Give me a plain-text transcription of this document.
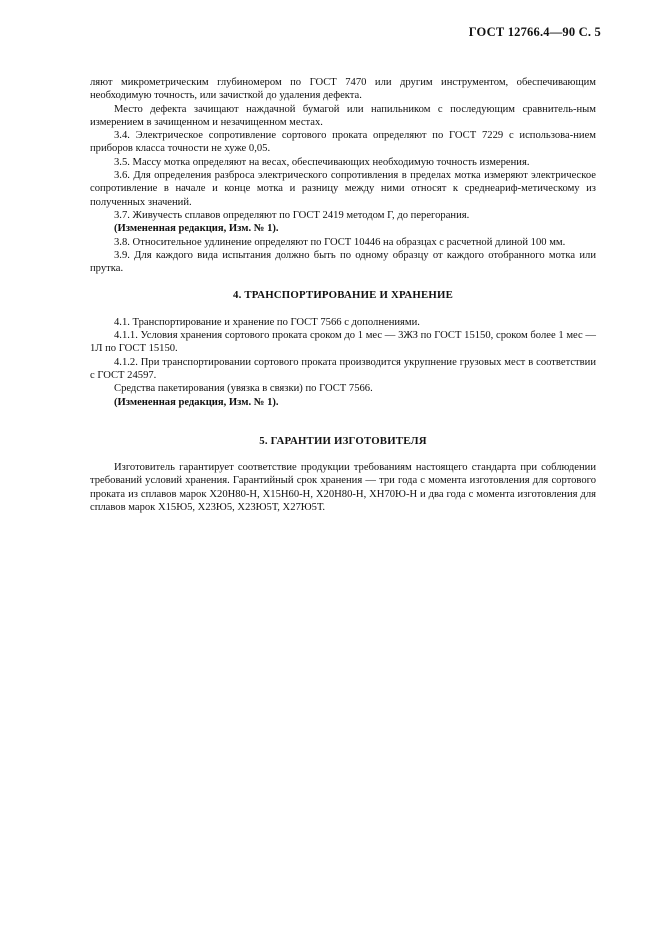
ГОСТ 12766.4—90 С. 5

ляют микрометрическим глубиномером по ГОСТ 7470 или другим инструментом, обеспечивающим необходимую точность, или зачисткой до удаления дефекта.

Место дефекта зачищают наждачной бумагой или напильником с последующим сравнитель-ным измерением в зачищенном и незачищенном местах.

3.4. Электрическое сопротивление сортового проката определяют по ГОСТ 7229 с использова-нием приборов класса точности не хуже 0,05.

3.5. Массу мотка определяют на весах, обеспечивающих необходимую точность измерения.

3.6. Для определения разброса электрического сопротивления в пределах мотка измеряют электрическое сопротивление в начале и конце мотка и разницу между ними относят к среднеариф-метическому из полученных значений.

3.7. Живучесть сплавов определяют по ГОСТ 2419 методом Г, до перегорания.

(Измененная редакция, Изм. № 1).

3.8. Относительное удлинение определяют по ГОСТ 10446 на образцах с расчетной длиной 100 мм.

3.9. Для каждого вида испытания должно быть по одному образцу от каждого отобранного мотка или прутка.

4. ТРАНСПОРТИРОВАНИЕ И ХРАНЕНИЕ

4.1. Транспортирование и хранение по ГОСТ 7566 с дополнениями.

4.1.1. Условия хранения сортового проката сроком до 1 мес — 3ЖЗ по ГОСТ 15150, сроком более 1 мес — 1Л по ГОСТ 15150.

4.1.2. При транспортировании сортового проката производится укрупнение грузовых мест в соответствии с ГОСТ 24597.

Средства пакетирования (увязка в связки) по ГОСТ 7566.

(Измененная редакция, Изм. № 1).

5. ГАРАНТИИ ИЗГОТОВИТЕЛЯ

Изготовитель гарантирует соответствие продукции требованиям настоящего стандарта при соблюдении требований условий хранения. Гарантийный срок хранения — три года с момента изготовления для сортового проката из сплавов марок Х20Н80-Н, Х15Н60-Н, Х20Н80-Н, ХН70Ю-Н и два года с момента изготовления для сплавов марок Х15Ю5, Х23Ю5, Х23Ю5Т, Х27Ю5Т.
